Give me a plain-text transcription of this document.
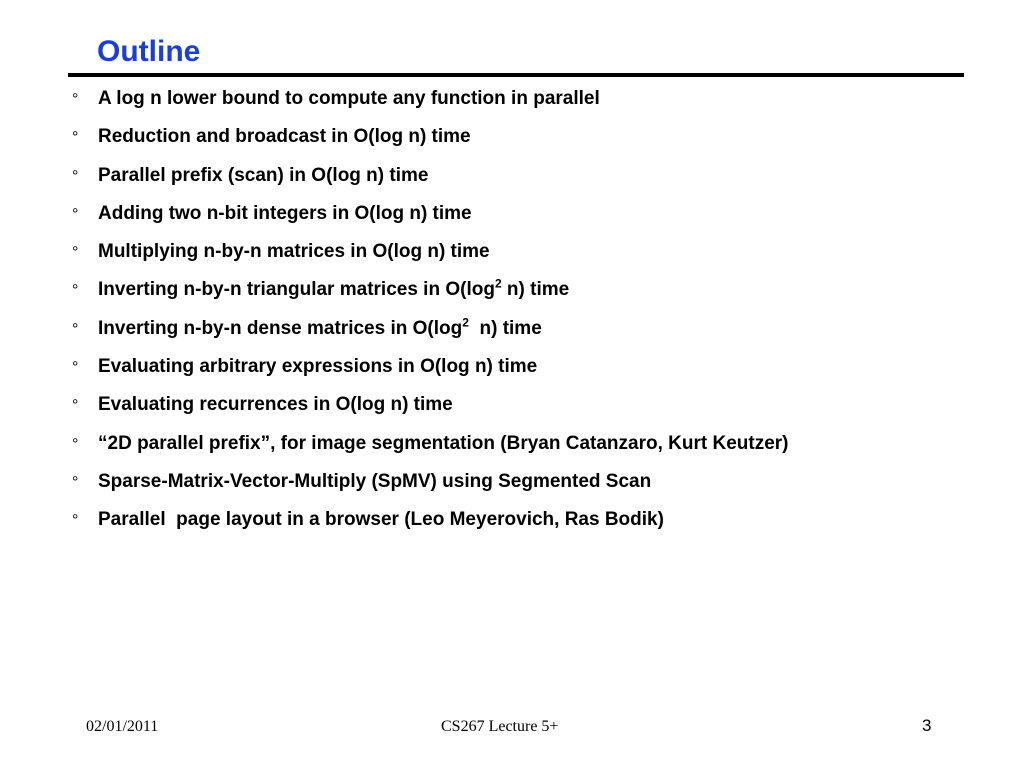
Outline
°	A log n lower bound to compute any function in parallel
°	Reduction and broadcast in O(log n) time
°	Parallel prefix (scan) in O(log n) time
°	Adding two n-bit integers in O(log n) time
°	Multiplying n-by-n matrices in O(log n) time
°	Inverting n-by-n triangular matrices in $O(\log^2$ n) time
°	Inverting n-by-n dense matrices in $O(\log^2$  n) time
°	Evaluating arbitrary expressions in O(log n) time
°	Evaluating recurrences in O(log n) time
°	“2D parallel prefix”, for image segmentation (Bryan Catanzaro, Kurt Keutzer)
°	Sparse-Matrix-Vector-Multiply (SpMV) using Segmented Scan
°	Parallel  page layout in a browser (Leo Meyerovich, Ras Bodik)
02/01/2011	CS267 Lecture 5+	3
